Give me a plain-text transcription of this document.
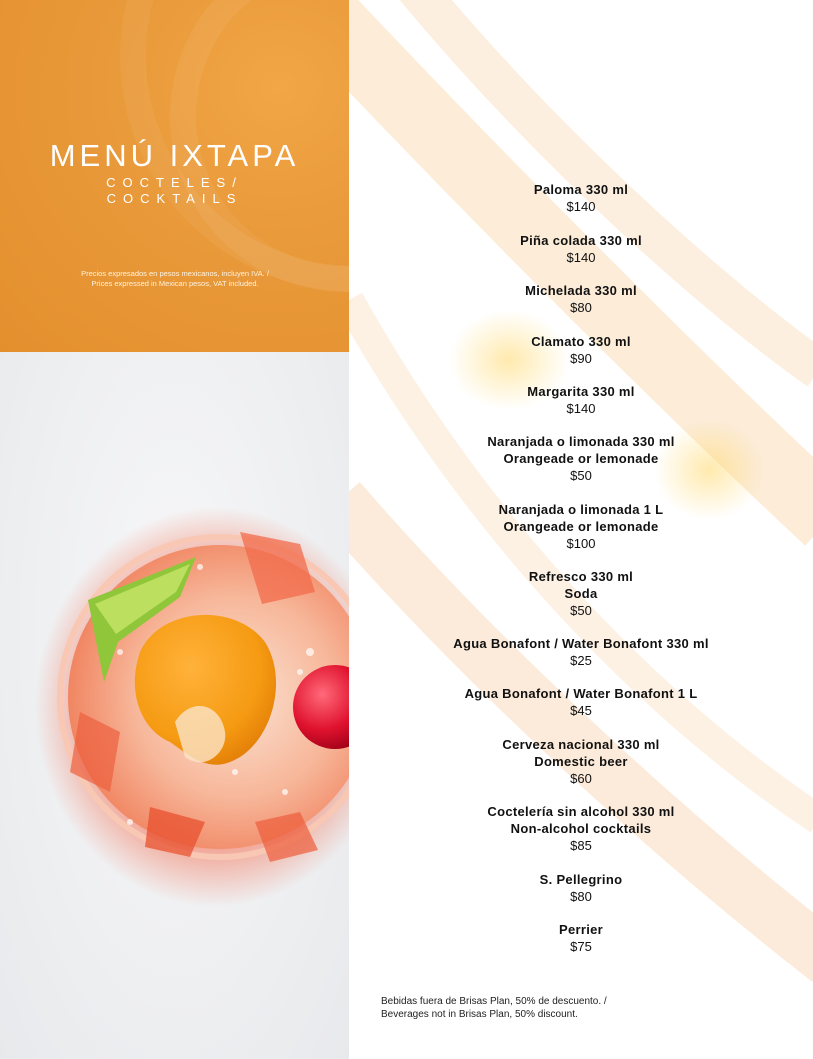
MENÚ IXTAPA
COCTELES/
COCKTAILS
Precios expresados en pesos mexicanos, incluyen IVA. /
Prices expressed in Mexican pesos, VAT included.
Paloma 330 ml
$140
Piña colada 330 ml
$140
Michelada 330 ml
$80
Clamato 330 ml
$90
Margarita 330 ml
$140
Naranjada o limonada 330 ml
Orangeade or lemonade
$50
Naranjada o limonada 1 L
Orangeade or lemonade
$100
Refresco 330 ml
Soda
$50
Agua Bonafont / Water Bonafont 330 ml
$25
Agua Bonafont / Water Bonafont 1 L
$45
Cerveza nacional 330 ml
Domestic beer
$60
Coctelería sin alcohol 330 ml
Non-alcohol cocktails
$85
S. Pellegrino
$80
Perrier
$75
Bebidas fuera de Brisas Plan, 50% de descuento. /
Beverages not in Brisas Plan, 50% discount.
